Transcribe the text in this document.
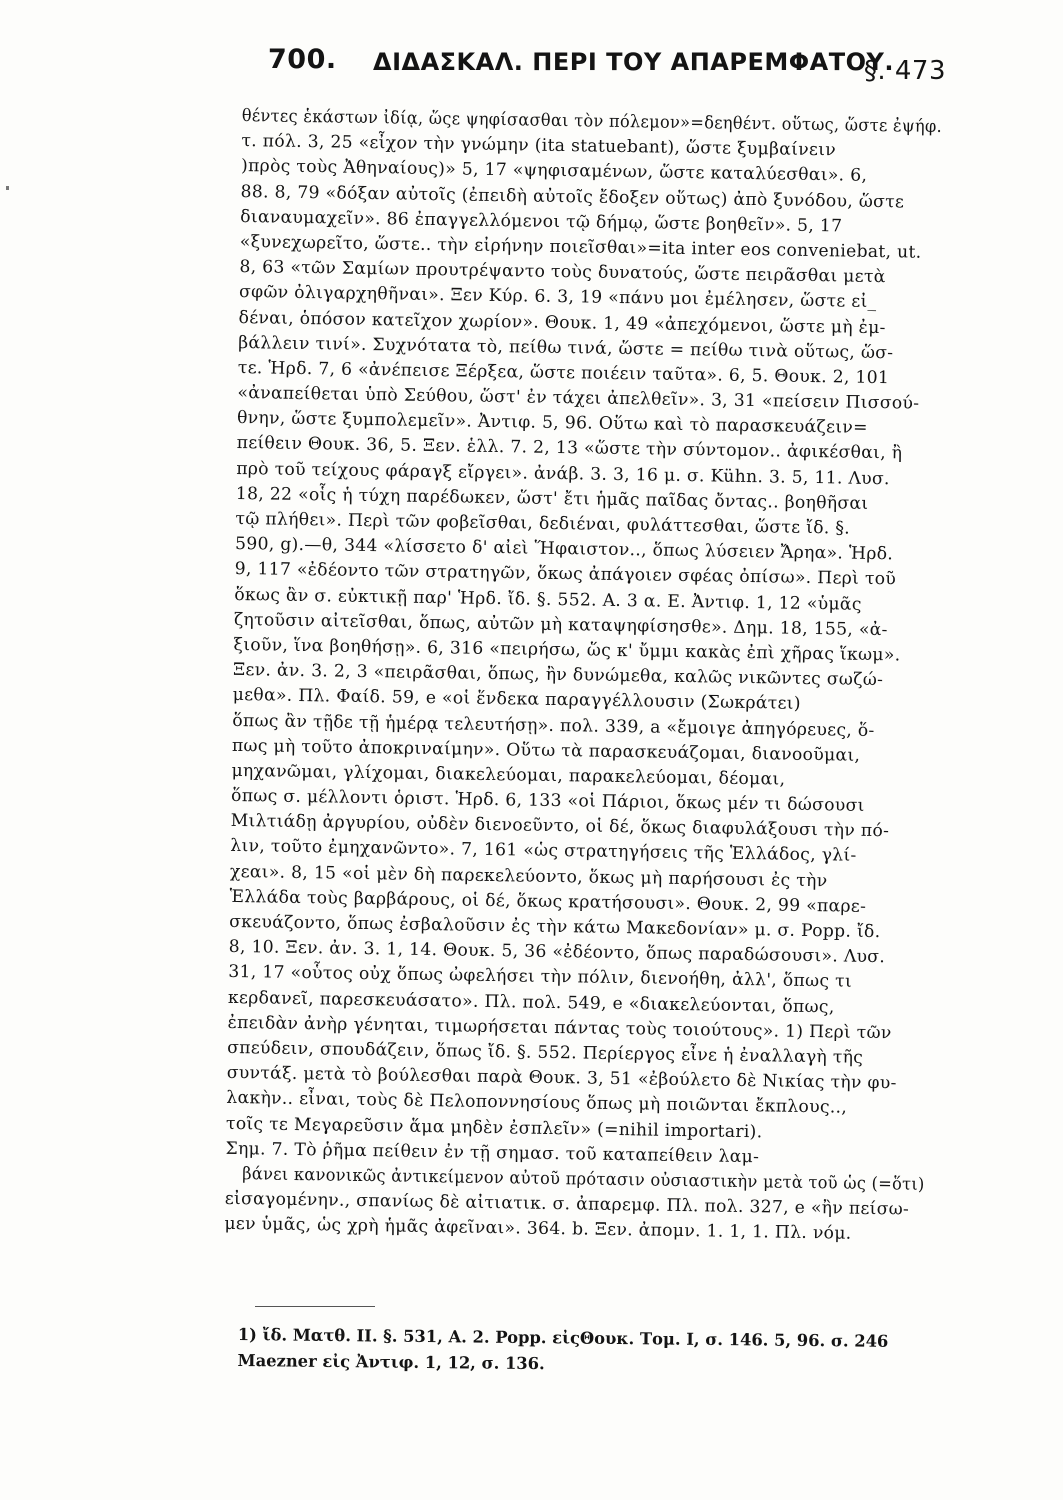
700. ΔΙΔΑΣΚΑΛ. ΠΕΡΙ ΤΟΥ ΑΠΑΡΕΜΦΑΤΟΥ.
§. 473
θέντες ἑκάστων ἰδίᾳ, ὥςε ψηφίσασθαι τὸν πόλεμον»=δεηθέντ. οὕτως, ὥστε ἐψήφ.
τ. πόλ. 3, 25 «εἶχον τὴν γνώμην (ita statuebant), ὥστε ξυμβαίνειν
)πρὸς τοὺς Ἀθηναίους)» 5, 17 «ψηφισαμένων, ὥστε καταλύεσθαι». 6,
88. 8, 79 «δόξαν αὐτοῖς (ἐπειδὴ αὐτοῖς ἔδοξεν οὕτως) ἀπὸ ξυνόδου, ὥστε
διαναυμαχεῖν». 86 ἐπαγγελλόμενοι τῷ δήμῳ, ὥστε βοηθεῖν». 5, 17
«ξυνεχωρεῖτο, ὥστε.. τὴν εἰρήνην ποιεῖσθαι»=ita inter eos conveniebat, ut.
8, 63 «τῶν Σαμίων προυτρέψαντο τοὺς δυνατούς, ὥστε πειρᾶσθαι μετὰ
σφῶν ὀλιγαρχηθῆναι». Ξεν Κύρ. 6. 3, 19 «πάνυ μοι ἐμέλησεν, ὥστε εἰ_
δέναι, ὁπόσον κατεῖχον χωρίον». Θουκ. 1, 49 «ἀπεχόμενοι, ὥστε μὴ ἐμ-
βάλλειν τινί». Συχνότατα τὸ, πείθω τινά, ὥστε = πείθω τινὰ οὕτως, ὥσ-
τε. Ἡρδ. 7, 6 «ἀνέπεισε Ξέρξεα, ὥστε ποιέειν ταῦτα». 6, 5. Θουκ. 2, 101
«ἀναπείθεται ὑπὸ Σεύθου, ὥστ' ἐν τάχει ἀπελθεῖν». 3, 31 «πείσειν Πισσού-
θνην, ὥστε ξυμπολεμεῖν». Ἀντιφ. 5, 96. Οὕτω καὶ τὸ παρασκευάζειν=
πείθειν Θουκ. 36, 5. Ξεν. ἑλλ. 7. 2, 13 «ὥστε τὴν σύντομον.. ἀφικέσθαι, ἢ
πρὸ τοῦ τείχους φάραγξ εἴργει». ἀνάβ. 3. 3, 16 μ. σ. Kühn. 3. 5, 11. Λυσ.
18, 22 «οἷς ἡ τύχη παρέδωκεν, ὥστ' ἔτι ἡμᾶς παῖδας ὄντας.. βοηθῆσαι
τῷ πλήθει». Περὶ τῶν φοβεῖσθαι, δεδιέναι, φυλάττεσθαι, ὥστε ἴδ. §.
590, g).—θ, 344 «λίσσετο δ' αἰεὶ Ἥφαιστον.., ὅπως λύσειεν Ἄρηα». Ἡρδ.
9, 117 «ἐδέοντο τῶν στρατηγῶν, ὅκως ἀπάγοιεν σφέας ὀπίσω». Περὶ τοῦ
ὅκως ἂν σ. εὐκτικῇ παρ' Ἡρδ. ἴδ. §. 552. Α. 3 α. Ε. Ἀντιφ. 1, 12 «ὑμᾶς
ζητοῦσιν αἰτεῖσθαι, ὅπως, αὐτῶν μὴ καταψηφίσησθε». Δημ. 18, 155, «ἀ-
ξιοῦν, ἵνα βοηθήσῃ». 6, 316 «πειρήσω, ὥς κ' ὔμμι κακὰς ἐπὶ χῆρας ἵκωμ».
Ξεν. ἀν. 3. 2, 3 «πειρᾶσθαι, ὅπως, ἢν δυνώμεθα, καλῶς νικῶντες σωζώ-
μεθα». Πλ. Φαίδ. 59, e «οἱ ἕνδεκα παραγγέλλουσιν (Σωκράτει)
ὅπως ἂν τῇδε τῇ ἡμέρᾳ τελευτήσῃ». πολ. 339, a «ἔμοιγε ἀπηγόρευες, ὅ-
πως μὴ τοῦτο ἀποκριναίμην». Οὕτω τὰ παρασκευάζομαι, διανοοῦμαι,
μηχανῶμαι, γλίχομαι, διακελεύομαι, παρακελεύομαι, δέομαι,
ὅπως σ. μέλλοντι ὁριστ. Ἡρδ. 6, 133 «οἱ Πάριοι, ὅκως μέν τι δώσουσι
Μιλτιάδῃ ἀργυρίου, οὐδὲν διενοεῦντο, οἱ δέ, ὅκως διαφυλάξουσι τὴν πό-
λιν, τοῦτο ἐμηχανῶντο». 7, 161 «ὡς στρατηγήσεις τῆς Ἑλλάδος, γλί-
χεαι». 8, 15 «οἱ μὲν δὴ παρεκελεύοντο, ὅκως μὴ παρήσουσι ἐς τὴν
Ἑλλάδα τοὺς βαρβάρους, οἱ δέ, ὅκως κρατήσουσι». Θουκ. 2, 99 «παρε-
σκευάζοντο, ὅπως ἐσβαλοῦσιν ἐς τὴν κάτω Μακεδονίαν» μ. σ. Popp. ἴδ.
8, 10. Ξεν. ἀν. 3. 1, 14. Θουκ. 5, 36 «ἐδέοντο, ὅπως παραδώσουσι». Λυσ.
31, 17 «οὗτος οὐχ ὅπως ὠφελήσει τὴν πόλιν, διενοήθη, ἀλλ', ὅπως τι
κερδανεῖ, παρεσκευάσατο». Πλ. πολ. 549, e «διακελεύονται, ὅπως,
ἐπειδὰν ἀνὴρ γένηται, τιμωρήσεται πάντας τοὺς τοιούτους». 1) Περὶ τῶν
σπεύδειν, σπουδάζειν, ὅπως ἴδ. §. 552. Περίεργος εἶνε ἡ ἐναλλαγὴ τῆς
συντάξ. μετὰ τὸ βούλεσθαι παρὰ Θουκ. 3, 51 «ἐβούλετο δὲ Νικίας τὴν φυ-
λακὴν.. εἶναι, τοὺς δὲ Πελοποννησίους ὅπως μὴ ποιῶνται ἔκπλους..,
τοῖς τε Μεγαρεῦσιν ἅμα μηδὲν ἐσπλεῖν» (=nihil importari).
Σημ. 7. Τὸ ῥῆμα πείθειν ἐν τῇ σημασ. τοῦ καταπείθειν λαμ-
βάνει κανονικῶς ἀντικείμενον αὐτοῦ πρότασιν οὐσιαστικὴν μετὰ τοῦ ὡς (=ὅτι)
εἰσαγομένην., σπανίως δὲ αἰτιατικ. σ. ἀπαρεμφ. Πλ. πολ. 327, e «ἢν πείσω-
μεν ὑμᾶς, ὡς χρὴ ἡμᾶς ἀφεῖναι». 364. b. Ξεν. ἀπομν. 1. 1, 1. Πλ. νόμ.
1) ἴδ. Ματθ. II. §. 531, Α. 2. Popp. εἰςΘουκ. Τομ. I, σ. 146. 5, 96. σ. 246
Maezner εἰς Ἀντιφ. 1, 12, σ. 136.
